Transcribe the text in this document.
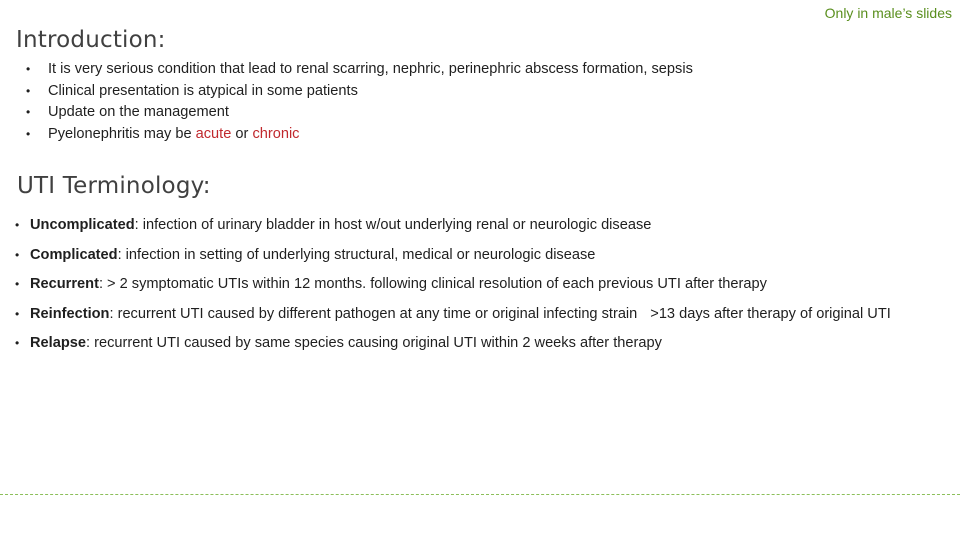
Only in male’s slides
Introduction:
• It is very serious condition that lead to renal scarring, nephric, perinephric abscess formation, sepsis
• Clinical presentation is atypical in some patients
• Update on the management
• Pyelonephritis may be acute or chronic
UTI Terminology:
• Uncomplicated: infection of urinary bladder in host w/out underlying renal or neurologic disease
• Complicated: infection in setting of underlying structural, medical or neurologic disease
• Recurrent: > 2 symptomatic UTIs within 12 months. following clinical resolution of each previous UTI after therapy
• Reinfection: recurrent UTI caused by different pathogen at any time or original infecting strain >13 days after therapy of original UTI
• Relapse: recurrent UTI caused by same species causing original UTI within 2 weeks after therapy
